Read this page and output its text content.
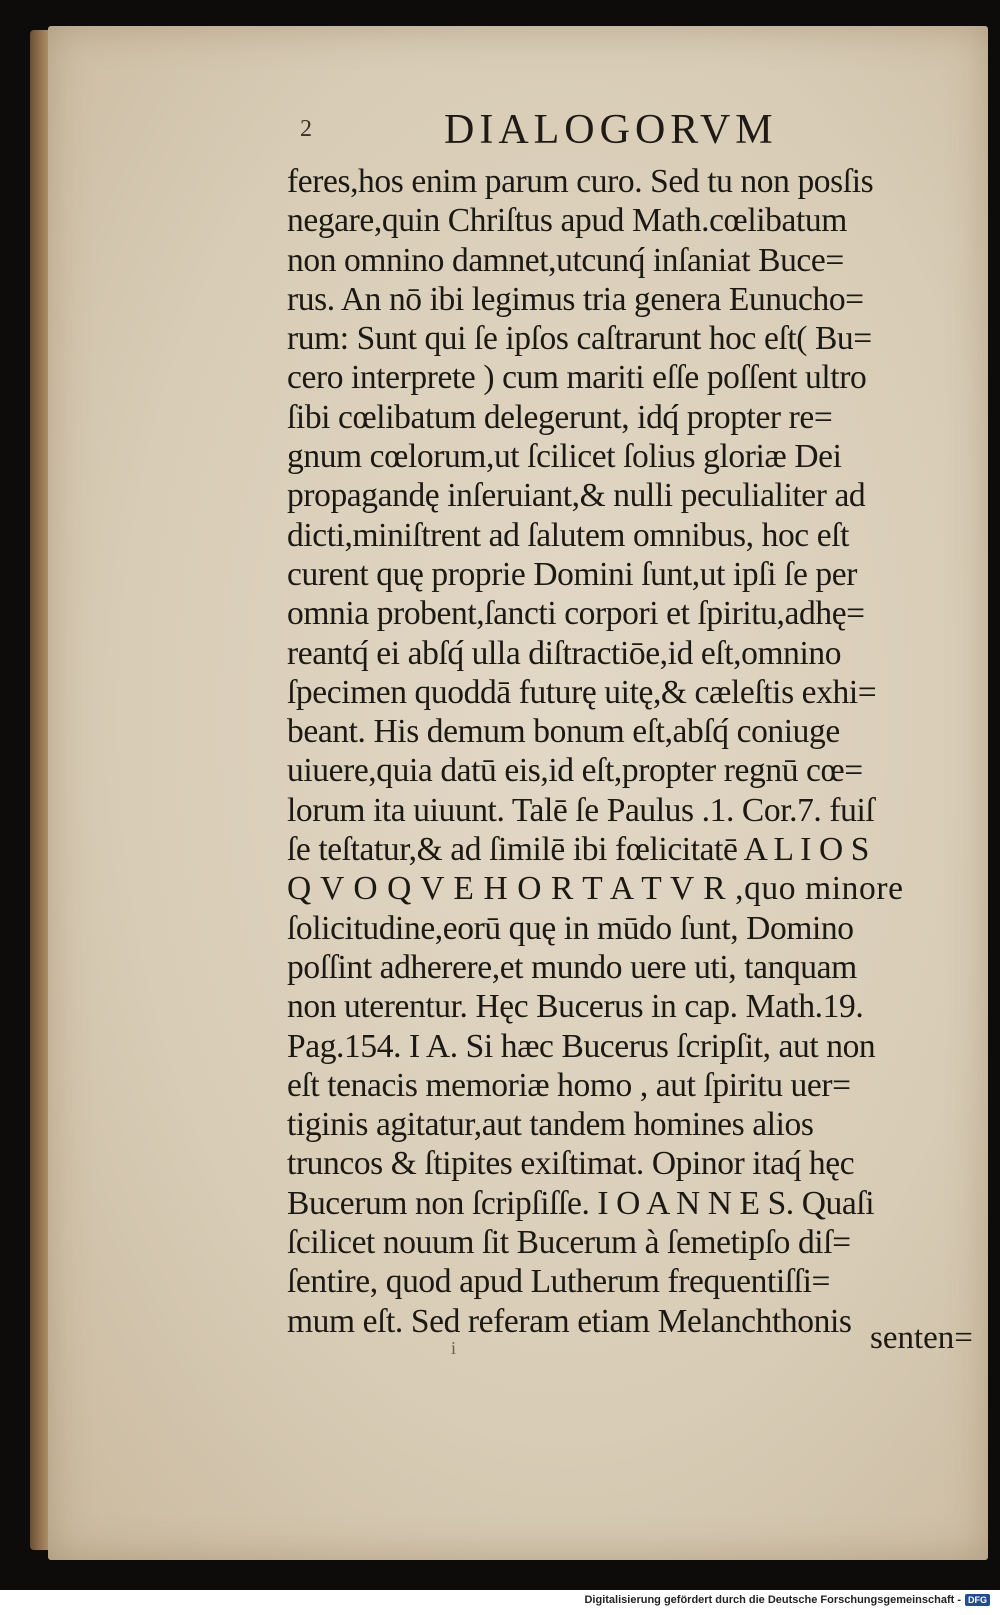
2	DIALOGORVM
feres,hos enim parum curo. Sed tu non posſis
negare,quin Chriſtus apud Math.cœlibatum
non omnino damnet,utcunq́ inſaniat Buce=
rus. An nō ibi legimus tria genera Eunucho=
rum: Sunt qui ſe ipſos caſtrarunt hoc eſt( Bu=
cero interprete ) cum mariti eſſe poſſent ultro
ſibi cœlibatum delegerunt, idq́ propter re=
gnum cœlorum,ut ſcilicet ſolius gloriæ Dei
propagandę inſeruiant,& nulli peculialiter ad
dicti,miniſtrent ad ſalutem omnibus, hoc eſt
curent quę proprie Domini ſunt,ut ipſi ſe per
omnia probent,ſancti corpori et ſpiritu,adhę=
reantq́ ei abſq́ ulla diſtractiōe,id eſt,omnino
ſpecimen quoddā futurę uitę,& cæleſtis exhi=
beant. His demum bonum eſt,abſq́ coniuge
uiuere,quia datū eis,id eſt,propter regnū cœ=
lorum ita uiuunt. Talē ſe Paulus .1. Cor.7. fuiſ
ſe teſtatur,& ad ſimilē ibi fœlicitatē A L I O S
Q V O Q V E H O R T A T V R ,quo minore
ſolicitudine,eorū quę in mūdo ſunt, Domino
poſſint adherere,et mundo uere uti, tanquam
non uterentur. Hęc Bucerus in cap. Math.19.
Pag.154. I A. Si hæc Bucerus ſcripſit, aut non
eſt tenacis memoriæ homo , aut ſpiritu uer=
tiginis agitatur,aut tandem homines alios
truncos & ſtipites exiſtimat. Opinor itaq́ hęc
Bucerum non ſcripſiſſe. I O A N N E S. Quaſi
ſcilicet nouum ſit Bucerum à ſemetipſo diſ=
ſentire, quod apud Lutherum frequentiſſi=
mum eſt. Sed referam etiam Melanchthonis
i	senten=
Digitalisierung gefördert durch die Deutsche Forschungsgemeinschaft - DFG
